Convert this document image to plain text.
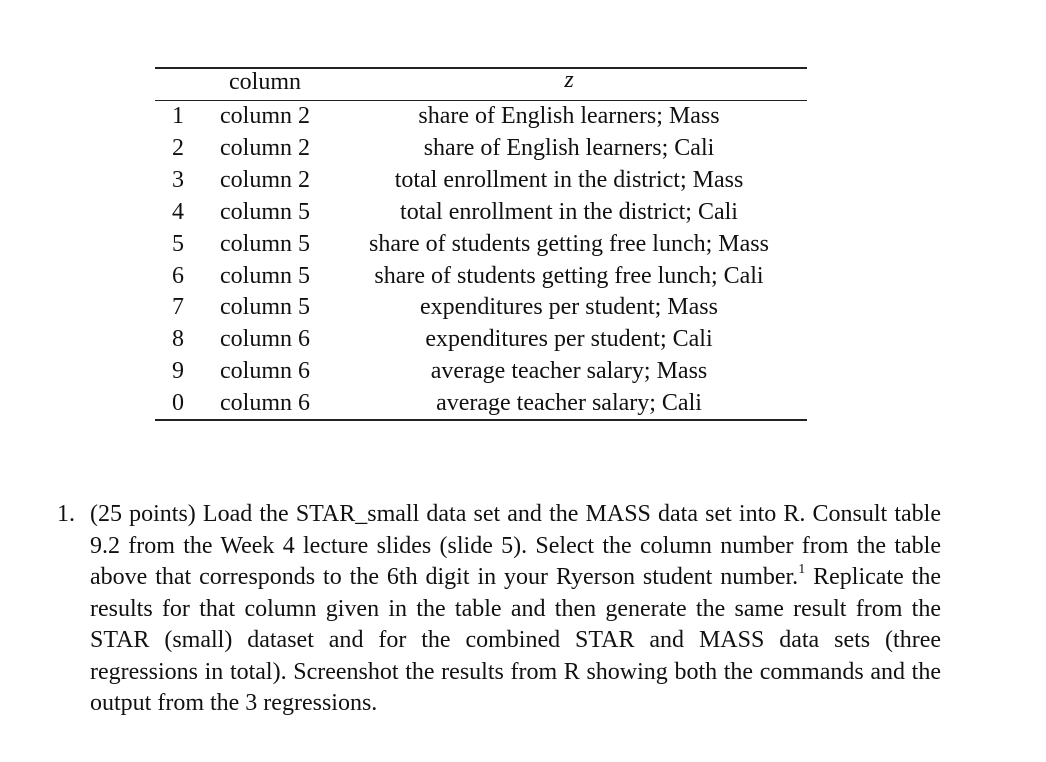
column	z
1 column 2	share of English learners; Mass
2 column 2	share of English learners; Cali
3 column 2	total enrollment in the district; Mass
4 column 5	total enrollment in the district; Cali
5 column 5	share of students getting free lunch; Mass
6 column 5	share of students getting free lunch; Cali
7 column 5	expenditures per student; Mass
8 column 6	expenditures per student; Cali
9 column 6	average teacher salary; Mass
0 column 6	average teacher salary; Cali
1. (25 points) Load the STAR_small data set and the MASS data set into R. Consult table 9.2 from the Week 4 lecture slides (slide 5). Select the column number from the table above that corresponds to the 6th digit in your Ryerson student number.$^1$ Replicate the results for that column given in the table and then generate the same result from the STAR (small) dataset and for the combined STAR and MASS data sets (three regressions in total). Screenshot the results from R showing both the commands and the output from the 3 regressions.
